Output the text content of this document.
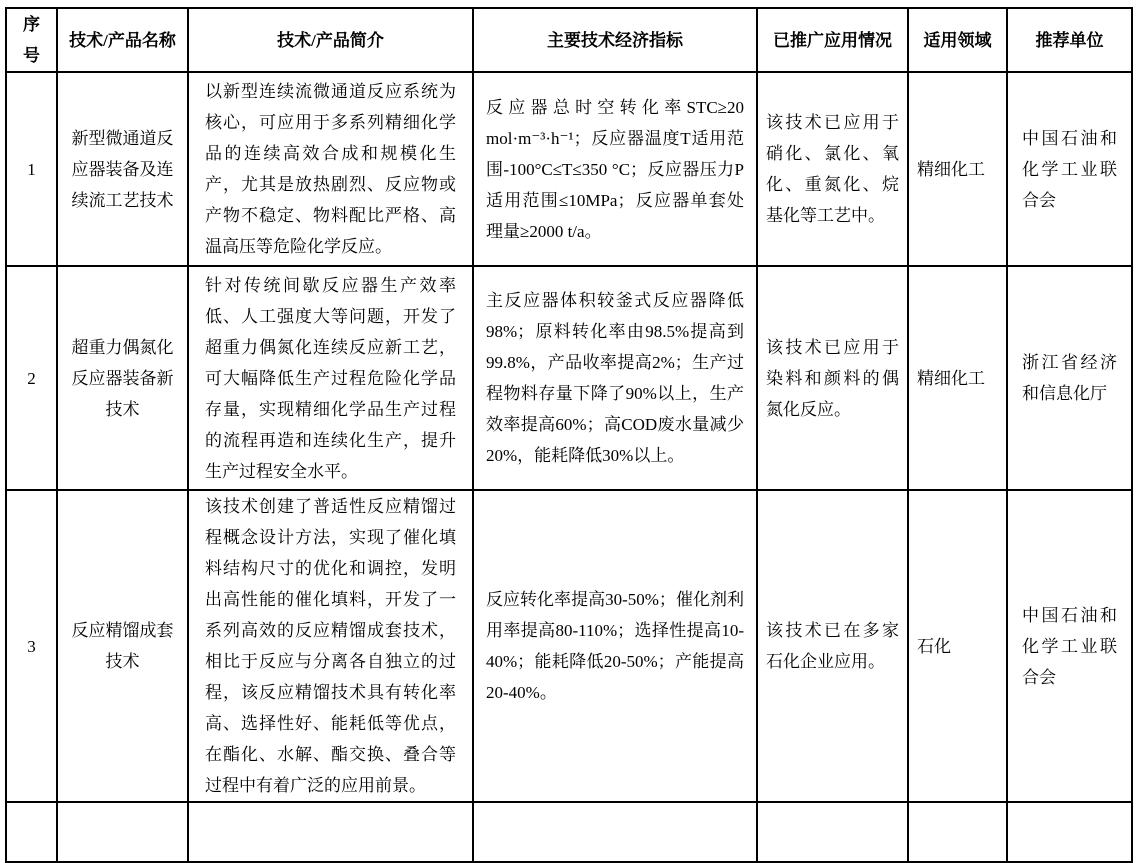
序号	技术/产品名称	技术/产品简介	主要技术经济指标	已推广应用情况	适用领域	推荐单位
1	新型微通道反应器装备及连续流工艺技术	以新型连续流微通道反应系统为核心，可应用于多系列精细化学品的连续高效合成和规模化生产，尤其是放热剧烈、反应物或产物不稳定、物料配比严格、高温高压等危险化学反应。	反应器总时空转化率STC≥20 mol·m⁻³·h⁻¹；反应器温度T适用范围-100°C≤T≤350 °C；反应器压力P适用范围≤10MPa；反应器单套处理量≥2000 t/a。	该技术已应用于硝化、氯化、氧化、重氮化、烷基化等工艺中。	精细化工	中国石油和化学工业联合会
2	超重力偶氮化反应器装备新技术	针对传统间歇反应器生产效率低、人工强度大等问题，开发了超重力偶氮化连续反应新工艺，可大幅降低生产过程危险化学品存量，实现精细化学品生产过程的流程再造和连续化生产，提升生产过程安全水平。	主反应器体积较釜式反应器降低98%；原料转化率由98.5%提高到99.8%，产品收率提高2%；生产过程物料存量下降了90%以上，生产效率提高60%；高COD废水量减少20%，能耗降低30%以上。	该技术已应用于染料和颜料的偶氮化反应。	精细化工	浙江省经济和信息化厅
3	反应精馏成套技术	该技术创建了普适性反应精馏过程概念设计方法，实现了催化填料结构尺寸的优化和调控，发明出高性能的催化填料，开发了一系列高效的反应精馏成套技术，相比于反应与分离各自独立的过程，该反应精馏技术具有转化率高、选择性好、能耗低等优点，在酯化、水解、酯交换、叠合等过程中有着广泛的应用前景。	反应转化率提高30-50%；催化剂利用率提高80-110%；选择性提高10-40%；能耗降低20-50%；产能提高20-40%。	该技术已在多家石化企业应用。	石化	中国石油和化学工业联合会
